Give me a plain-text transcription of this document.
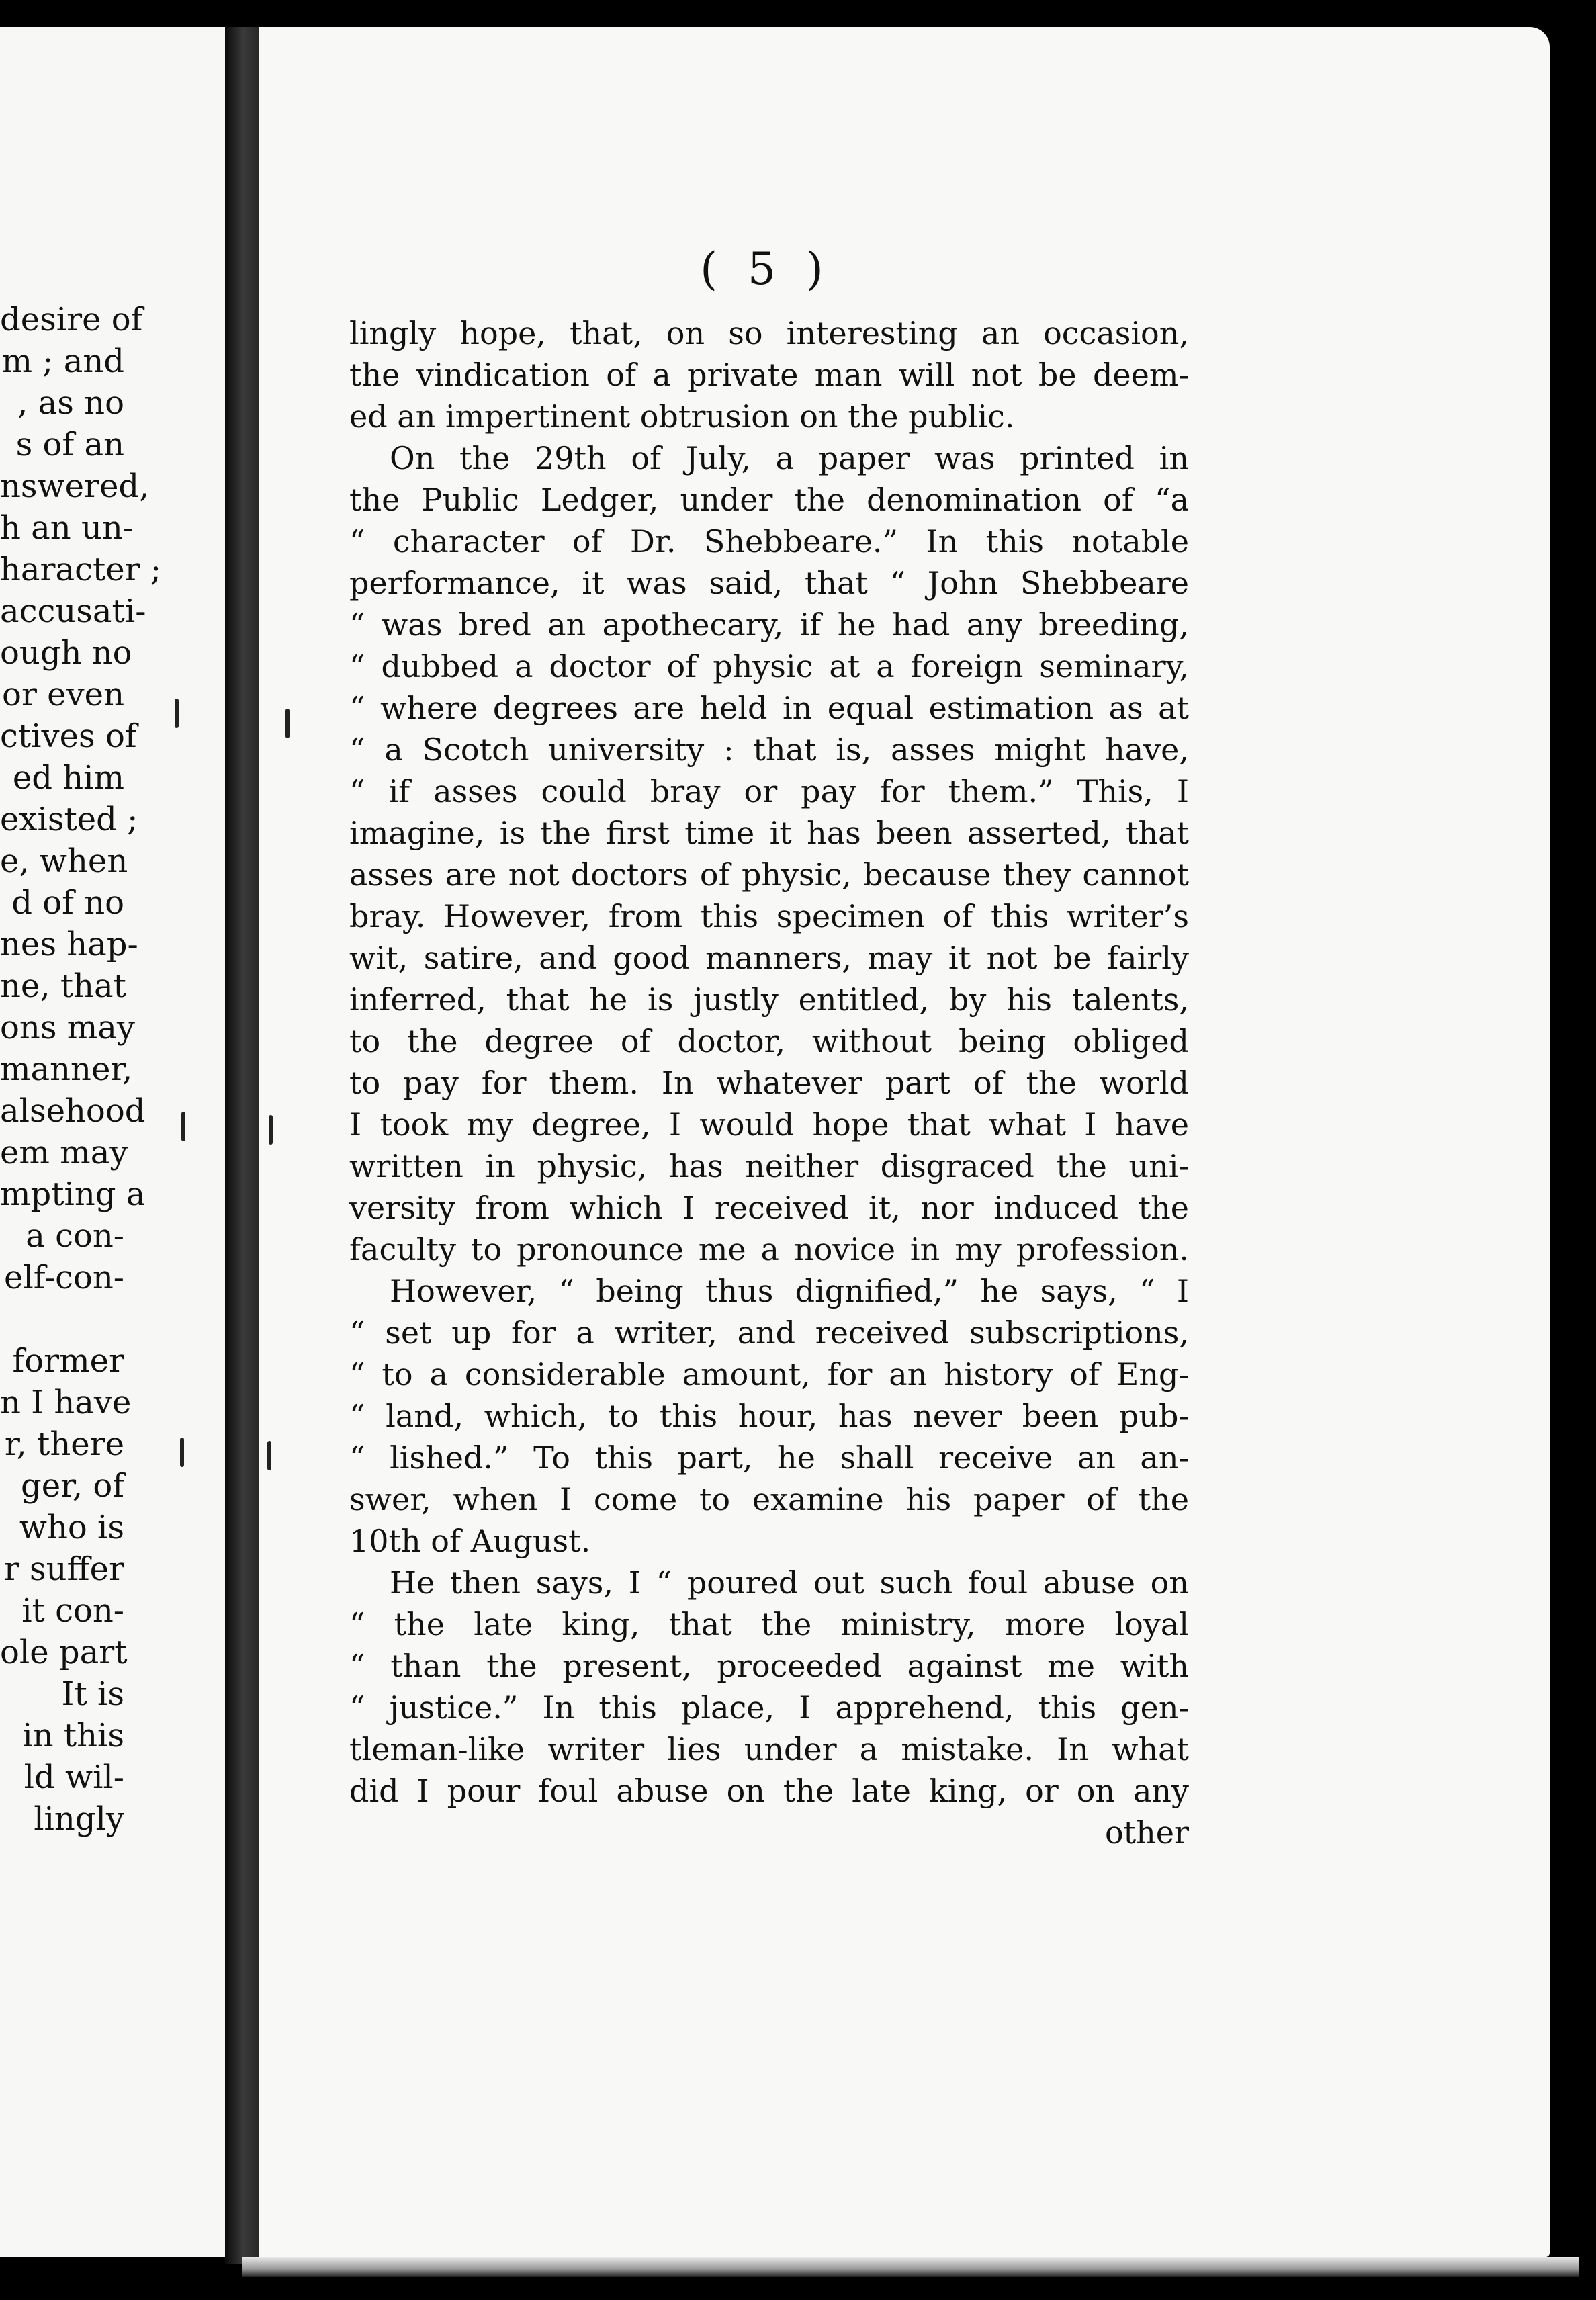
desire of
m ; and
, as no
s of an
nswered,
h an un-
haracter ;
accusati-
ough no
or even
ctives of
ed him
existed ;
e, when
d of no
nes hap-
ne, that
ons may
manner,
alsehood
em may
mpting a
a con-
elf-con-
former
n I have
r, there
ger, of
who is
r suffer
it con-
ole part
It is
in this
ld wil-
lingly
( 5 )
lingly hope, that, on so interesting an occasion,
the vindication of a private man will not be deem-
ed an impertinent obtrusion on the public.
On the 29th of July, a paper was printed in
the Public Ledger, under the denomination of “a
“ character of Dr. Shebbeare.” In this notable
performance, it was said, that “ John Shebbeare
“ was bred an apothecary, if he had any breeding,
“ dubbed a doctor of physic at a foreign seminary,
“ where degrees are held in equal estimation as at
“ a Scotch university : that is, asses might have,
“ if asses could bray or pay for them.” This, I
imagine, is the first time it has been asserted, that
asses are not doctors of physic, because they cannot
bray. However, from this specimen of this writer’s
wit, satire, and good manners, may it not be fairly
inferred, that he is justly entitled, by his talents,
to the degree of doctor, without being obliged
to pay for them. In whatever part of the world
I took my degree, I would hope that what I have
written in physic, has neither disgraced the uni-
versity from which I received it, nor induced the
faculty to pronounce me a novice in my profession.
However, “ being thus dignified,” he says, “ I
“ set up for a writer, and received subscriptions,
“ to a considerable amount, for an history of Eng-
“ land, which, to this hour, has never been pub-
“ lished.” To this part, he shall receive an an-
swer, when I come to examine his paper of the
10th of August.
He then says, I “ poured out such foul abuse on
“ the late king, that the ministry, more loyal
“ than the present, proceeded against me with
“ justice.” In this place, I apprehend, this gen-
tleman-like writer lies under a mistake. In what
did I pour foul abuse on the late king, or on any
other
